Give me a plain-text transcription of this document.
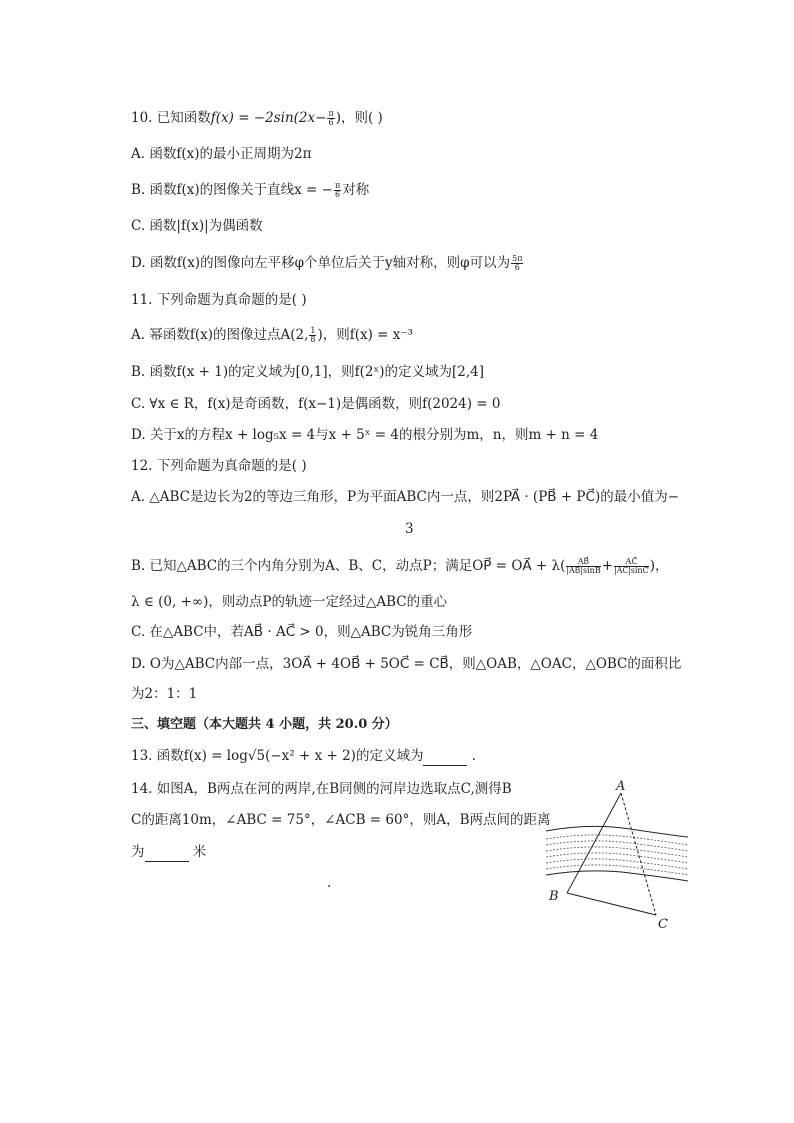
10. 已知函数$f(x) = -2\sin(2x- \frac{\pi}{6}$ )，则( )
A. 函数f(x)的最小正周期为2π
B. 函数f(x)的图像关于直线x = − $\frac{\pi}{6}$ 对称
C. 函数|f(x)|为偶函数
D. 函数f(x)的图像向左平移φ个单位后关于y轴对称，则φ可以为 $\frac{5\pi}{6}$
11. 下列命题为真命题的是( )
A. 幂函数f(x)的图像过点A(2, $\frac{1}{8}$ )，则f(x) = x⁻³
B. 函数f(x + 1)的定义域为[0,1]，则f(2ˣ)的定义域为[2,4]
C. ∀x ∈ R，f(x)是奇函数，f(x−1)是偶函数，则f(2024) = 0
D. 关于x的方程x + log₅x = 4与x + 5ˣ = 4的根分别为m，n，则m + n = 4
12. 下列命题为真命题的是( )
A. △ABC是边长为2的等边三角形，P为平面ABC内一点，则2PA⃗ · (PB⃗ + PC⃗)的最小值为−
3
B. 已知△ABC的三个内角分别为A、B、C，动点P；满足OP⃗ = OA⃗ + $\lambda( \frac{AB⃗}{|AB⃗|\sin B} + \frac{AC⃗}{|AC⃗|\sin C}$ )，
λ ∈ (0, +∞)，则动点P的轨迹一定经过△ABC的重心
C. 在△ABC中，若AB⃗ · AC⃗ > 0，则△ABC为锐角三角形
D. O为△ABC内部一点，3OA⃗ + 4OB⃗ + 5OC⃗ = CB⃗，则△OAB，△OAC，△OBC的面积比
为2：1：1
三、填空题（本大题共 4 小题，共 20.0 分）
13. 函数f(x) = log√5(−x² + x + 2)的定义域为	.
14. 如图A，B两点在河的两岸,在B同侧的河岸边选取点C,测得B
C的距离10m，∠ABC = 75°，∠ACB = 60°，则A，B两点间的距离
为	米
.
A
B
C
